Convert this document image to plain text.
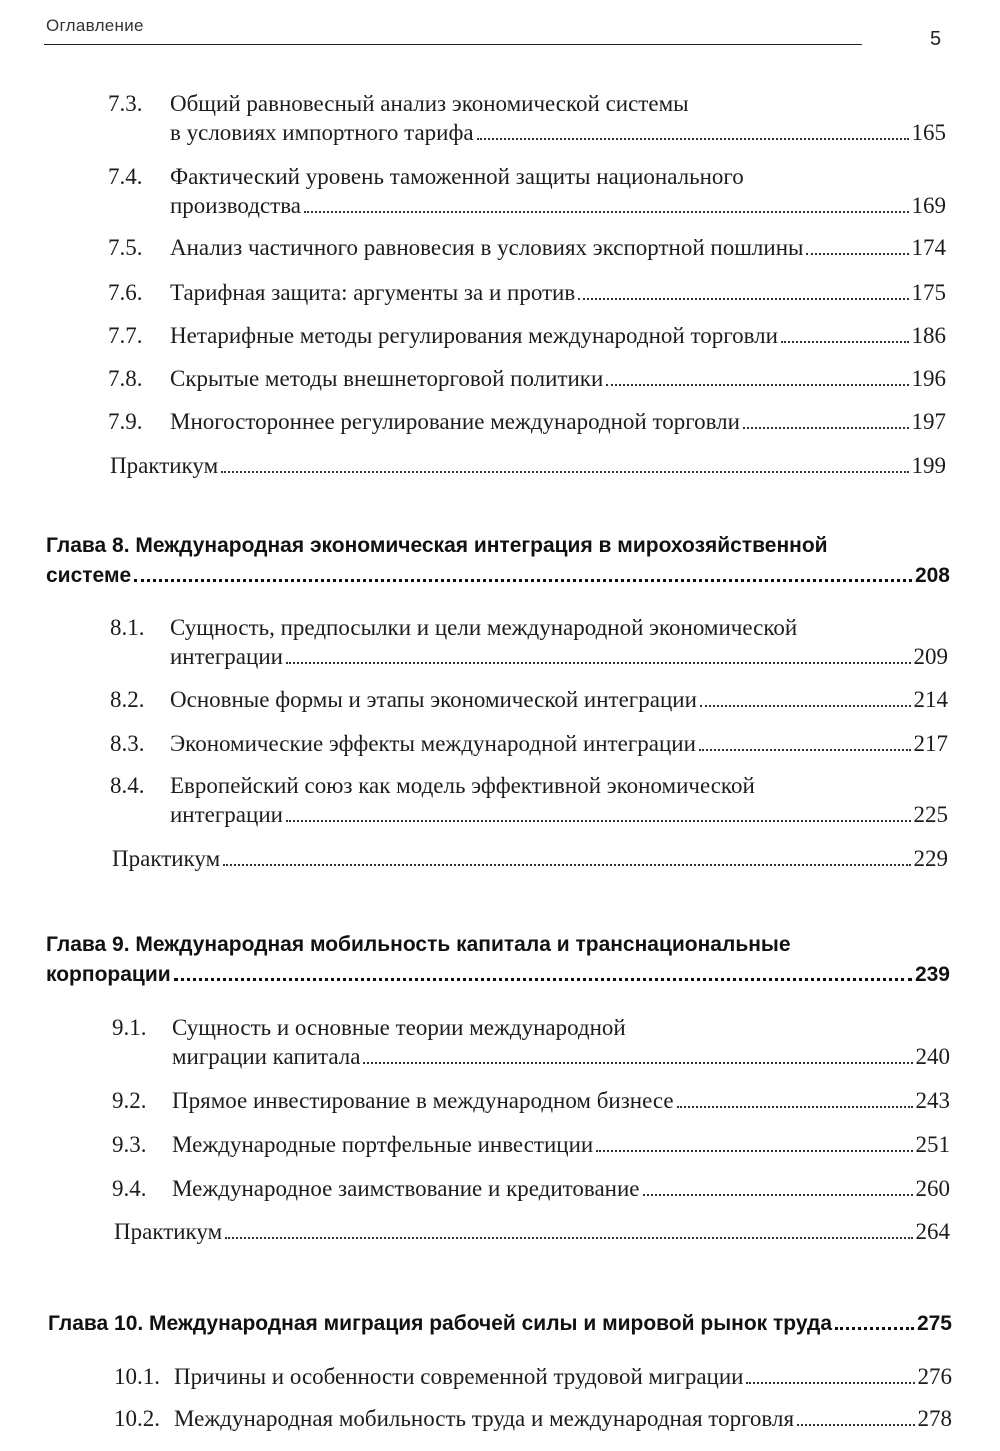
Оглавление
5
7.3. Общий равновесный анализ экономической системы
в условиях импортного тарифа	165
7.4. Фактический уровень таможенной защиты национального
производства	169
7.5. Анализ частичного равновесия в условиях экспортной пошлины	174
7.6. Тарифная защита: аргументы за и против	175
7.7. Нетарифные методы регулирования международной торговли	186
7.8. Скрытые методы внешнеторговой политики	196
7.9. Многостороннее регулирование международной торговли	197
Практикум	199
Глава 8. Международная экономическая интеграция в мирохозяйственной
системе	208
8.1. Сущность, предпосылки и цели международной экономической
интеграции	209
8.2. Основные формы и этапы экономической интеграции	214
8.3. Экономические эффекты международной интеграции	217
8.4. Европейский союз как модель эффективной экономической
интеграции	225
Практикум	229
Глава 9. Международная мобильность капитала и транснациональные
корпорации	239
9.1. Сущность и основные теории международной
миграции капитала	240
9.2. Прямое инвестирование в международном бизнесе	243
9.3. Международные портфельные инвестиции	251
9.4. Международное заимствование и кредитование	260
Практикум	264
Глава 10. Международная миграция рабочей силы и мировой рынок труда	275
10.1. Причины и особенности современной трудовой миграции	276
10.2. Международная мобильность труда и международная торговля	278
